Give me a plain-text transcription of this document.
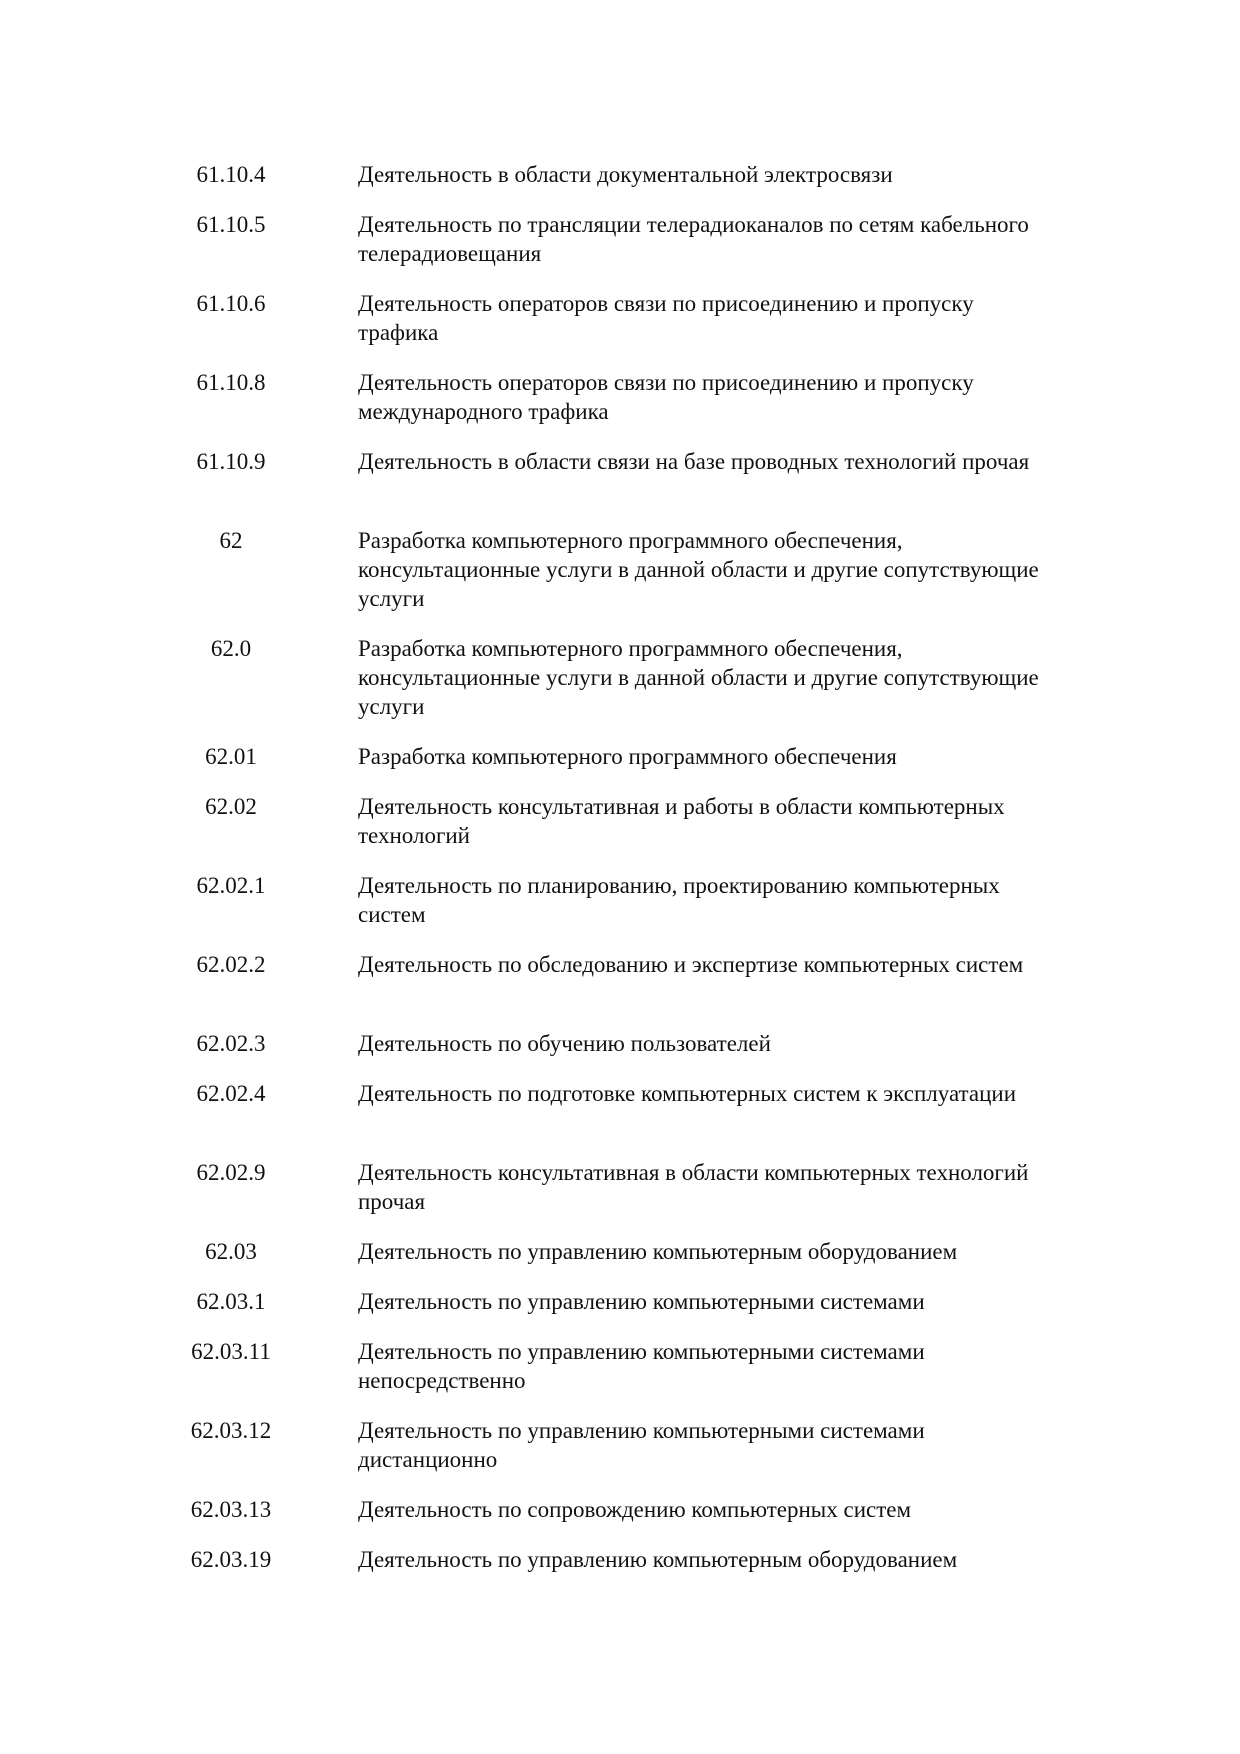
61.10.4	Деятельность в области документальной электросвязи
61.10.5	Деятельность по трансляции телерадиоканалов по сетям кабельного телерадиовещания
61.10.6	Деятельность операторов связи по присоединению и пропуску трафика
61.10.8	Деятельность операторов связи по присоединению и пропуску международного трафика
61.10.9	Деятельность в области связи на базе проводных технологий прочая
62	Разработка компьютерного программного обеспечения, консультационные услуги в данной области и другие сопутствующие услуги
62.0	Разработка компьютерного программного обеспечения, консультационные услуги в данной области и другие сопутствующие услуги
62.01	Разработка компьютерного программного обеспечения
62.02	Деятельность консультативная и работы в области компьютерных технологий
62.02.1	Деятельность по планированию, проектированию компьютерных систем
62.02.2	Деятельность по обследованию и экспертизе компьютерных систем
62.02.3	Деятельность по обучению пользователей
62.02.4	Деятельность по подготовке компьютерных систем к эксплуатации
62.02.9	Деятельность консультативная в области компьютерных технологий прочая
62.03	Деятельность по управлению компьютерным оборудованием
62.03.1	Деятельность по управлению компьютерными системами
62.03.11	Деятельность по управлению компьютерными системами непосредственно
62.03.12	Деятельность по управлению компьютерными системами дистанционно
62.03.13	Деятельность по сопровождению компьютерных систем
62.03.19	Деятельность по управлению компьютерным оборудованием
